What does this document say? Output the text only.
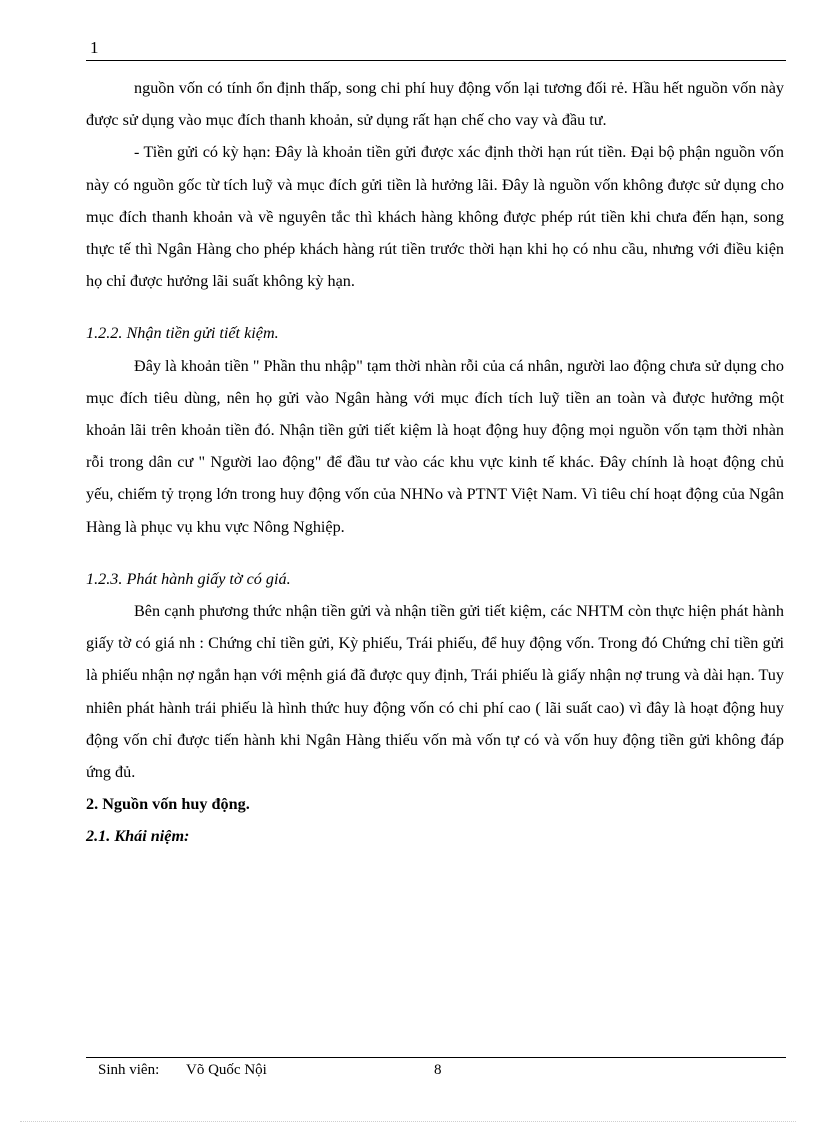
1

nguồn vốn có tính ổn định thấp, song chi phí huy động vốn lại tương đối rẻ. Hầu hết nguồn vốn này được sử dụng vào mục đích thanh khoản, sử dụng rất hạn chế cho vay và đầu tư.

- Tiền gửi có kỳ hạn: Đây là khoản tiền gửi được xác định thời hạn rút tiền. Đại bộ phận nguồn vốn này có nguồn gốc từ tích luỹ và mục đích gửi tiền là hưởng lãi. Đây là nguồn vốn không được sử dụng cho mục đích thanh khoản và về nguyên tắc thì khách hàng không được phép rút tiền khi chưa đến hạn, song thực tế thì Ngân Hàng cho phép khách hàng rút tiền trước thời hạn khi họ có nhu cầu, nhưng với điều kiện họ chỉ được hưởng lãi suất không kỳ hạn.

1.2.2. Nhận tiền gửi tiết kiệm.

Đây là khoản tiền " Phần thu nhập" tạm thời nhàn rỗi của cá nhân, người lao động chưa sử dụng cho mục đích tiêu dùng, nên họ gửi vào Ngân hàng với mục đích tích luỹ tiền an toàn và được hưởng một khoản lãi trên khoản tiền đó. Nhận tiền gửi tiết kiệm là hoạt động huy động mọi nguồn vốn tạm thời nhàn rỗi trong dân cư " Người lao động" để đầu tư vào các khu vực kinh tế khác. Đây chính là hoạt động chủ yếu, chiếm tỷ trọng lớn trong huy động vốn của NHNo và PTNT Việt Nam. Vì tiêu chí hoạt động của Ngân Hàng là phục vụ khu vực Nông Nghiệp.

1.2.3. Phát hành giấy tờ có giá.

Bên cạnh phương thức nhận tiền gửi và nhận tiền gửi tiết kiệm, các NHTM còn thực hiện phát hành giấy tờ có giá nh : Chứng chỉ tiền gửi, Kỳ phiếu, Trái phiếu, để huy động vốn. Trong đó Chứng chỉ tiền gửi là phiếu nhận nợ ngắn hạn với mệnh giá đã được quy định, Trái phiếu là giấy nhận nợ trung và dài hạn. Tuy nhiên phát hành trái phiếu là hình thức huy động vốn có chi phí cao ( lãi suất cao) vì đây là hoạt động huy động vốn chỉ được tiến hành khi Ngân Hàng thiếu vốn mà vốn tự có và vốn huy động tiền gửi không đáp ứng đủ.

2. Nguồn vốn huy động.

2.1. Khái niệm:

Sinh viên: Võ Quốc Nội	8
